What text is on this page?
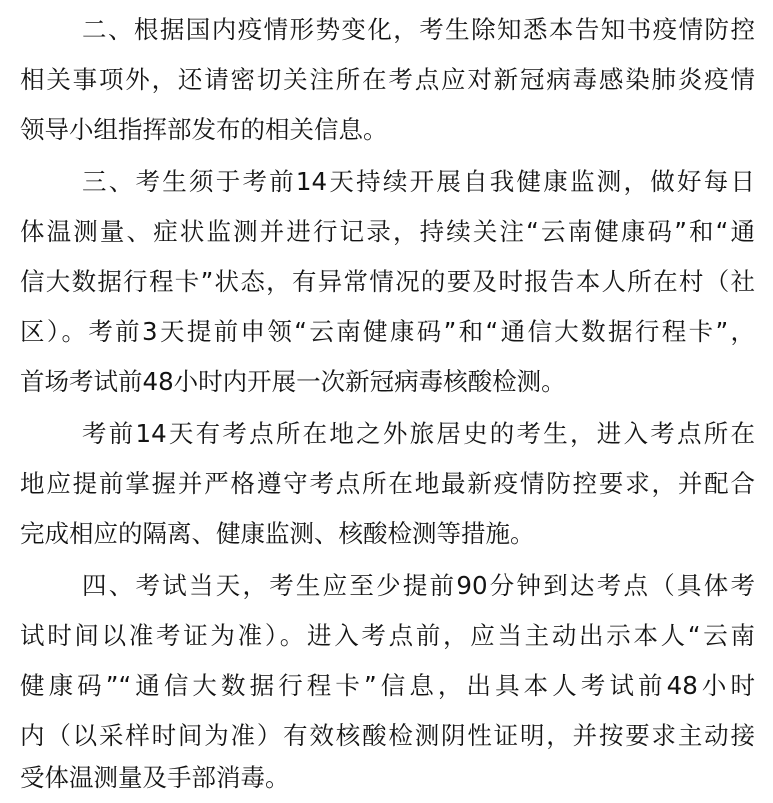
二、根据国内疫情形势变化，考生除知悉本告知书疫情防控
相关事项外，还请密切关注所在考点应对新冠病毒感染肺炎疫情
领导小组指挥部发布的相关信息。
三、考生须于考前14天持续开展自我健康监测，做好每日
体温测量、症状监测并进行记录，持续关注“云南健康码”和“通
信大数据行程卡”状态，有异常情况的要及时报告本人所在村（社
区）。考前3天提前申领“云南健康码”和“通信大数据行程卡”，
首场考试前48小时内开展一次新冠病毒核酸检测。
考前14天有考点所在地之外旅居史的考生，进入考点所在
地应提前掌握并严格遵守考点所在地最新疫情防控要求，并配合
完成相应的隔离、健康监测、核酸检测等措施。
四、考试当天，考生应至少提前90分钟到达考点（具体考
试时间以准考证为准）。进入考点前，应当主动出示本人“云南
健康码”“通信大数据行程卡”信息，出具本人考试前48小时
内（以采样时间为准）有效核酸检测阴性证明，并按要求主动接
受体温测量及手部消毒。
